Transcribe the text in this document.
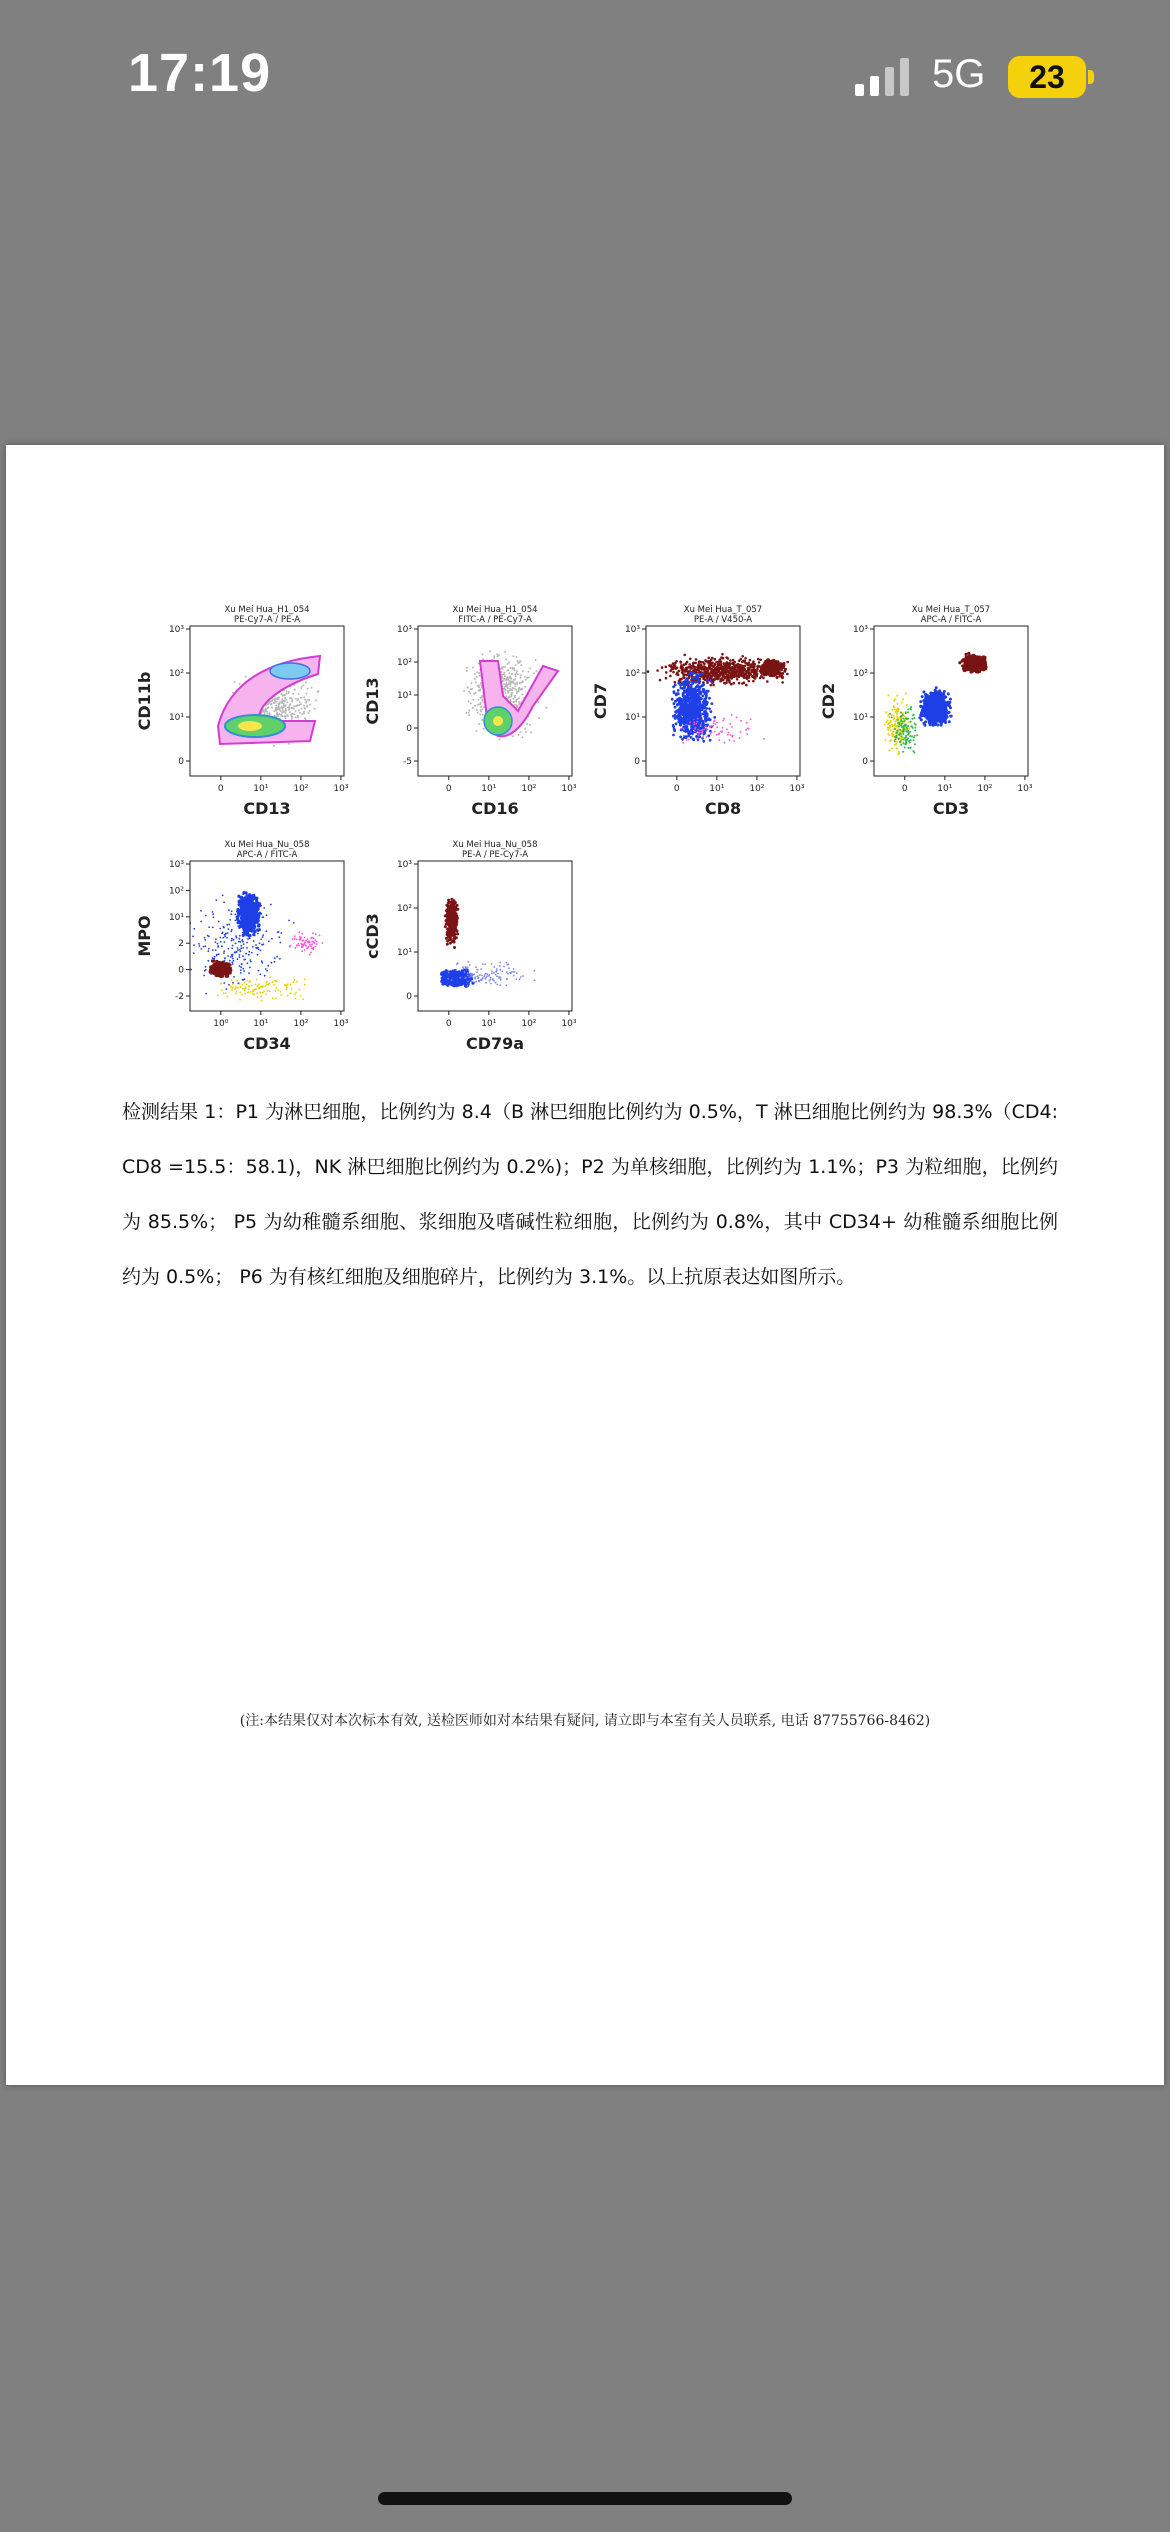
17:19	5G	23
Xu Mei Hua_H1_054
PE-Cy7-A / PE-A
0	10¹	10²	10³
10³
10²
10¹
0
CD13
CD11b
Xu Mei Hua_H1_054
FITC-A / PE-Cy7-A
0	10¹	10²	10³
10³
10²
10¹
0
-5
CD16
CD13
Xu Mei Hua_T_057
PE-A / V450-A
0	10¹	10²	10³
10³
10²
10¹
0
CD8
CD7
Xu Mei Hua_T_057
APC-A / FITC-A
0	10¹	10²	10³
10³
10²
10¹
0
CD3
CD2
Xu Mei Hua_Nu_058
APC-A / FITC-A
10⁰	10¹	10²	10³
10³
10²
10¹
2
0
-2
CD34
MPO
Xu Mei Hua_Nu_058
PE-A / PE-Cy7-A
0	10¹	10²	10³
10³
10²
10¹
0
CD79a
cCD3
检测结果 1：P1 为淋巴细胞，比例约为 8.4（B 淋巴细胞比例约为 0.5%，T 淋巴细胞比例约为 98.3%（CD4: CD8 =15.5：58.1)，NK 淋巴细胞比例约为 0.2%)；P2 为单核细胞，比例约为 1.1%；P3 为粒细胞，比例约为 85.5%； P5 为幼稚髓系细胞、浆细胞及嗜碱性粒细胞，比例约为 0.8%，其中 CD34+ 幼稚髓系细胞比例约为 0.5%； P6 为有核红细胞及细胞碎片，比例约为 3.1%。以上抗原表达如图所示。
(注:本结果仅对本次标本有效, 送检医师如对本结果有疑问, 请立即与本室有关人员联系, 电话 87755766-8462)
